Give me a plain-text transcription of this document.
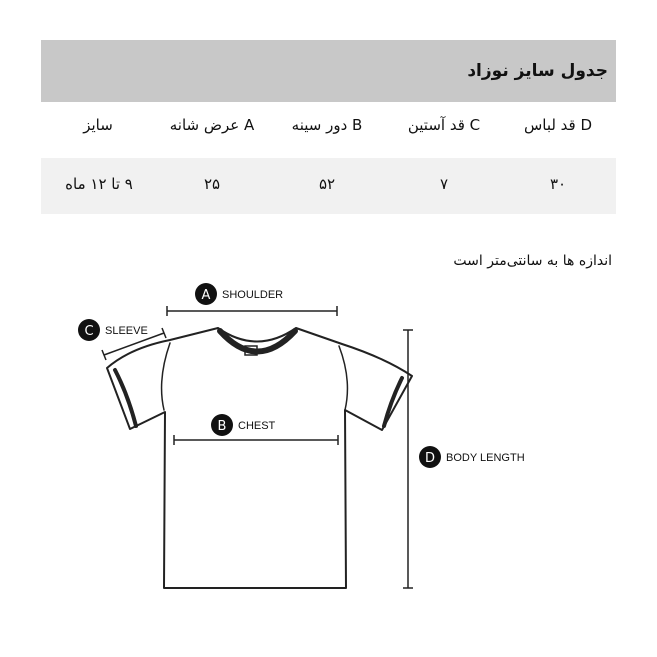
جدول سایز نوزاد
D قد لباس
C قد آستین
B دور سینه
A عرض شانه
سایز
۳۰
۷
۵۲
۲۵
۹ تا ۱۲ ماه
اندازه ها به سانتی‌متر است
A SHOULDER
C SLEEVE
B CHEST
D BODY LENGTH
